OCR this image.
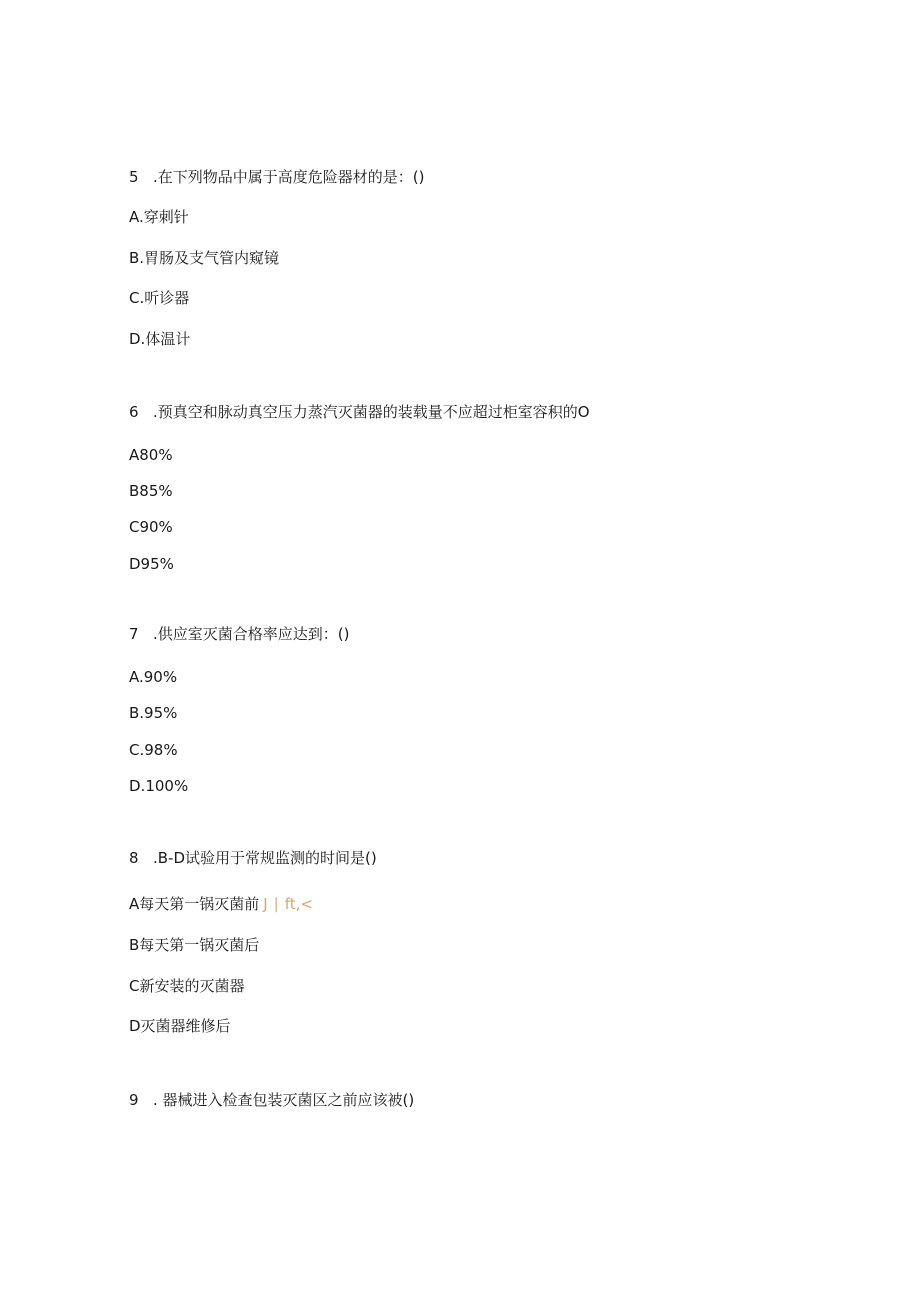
5 .在下列物品中属于高度危险器材的是：()
A.穿刺针
B.胃肠及支气管内窥镜
C.听诊器
D.体温计
6 .预真空和脉动真空压力蒸汽灭菌器的装载量不应超过柜室容积的O
A80%
B85%
C90%
D95%
7 .供应室灭菌合格率应达到：()
A.90%
B.95%
C.98%
D.100%
8 .B-D试验用于常规监测的时间是()
A每天第一锅灭菌前 J ∣ ft,<
B每天第一锅灭菌后
C新安装的灭菌器
D灭菌器维修后
9 . 器械进入检查包装灭菌区之前应该被()
